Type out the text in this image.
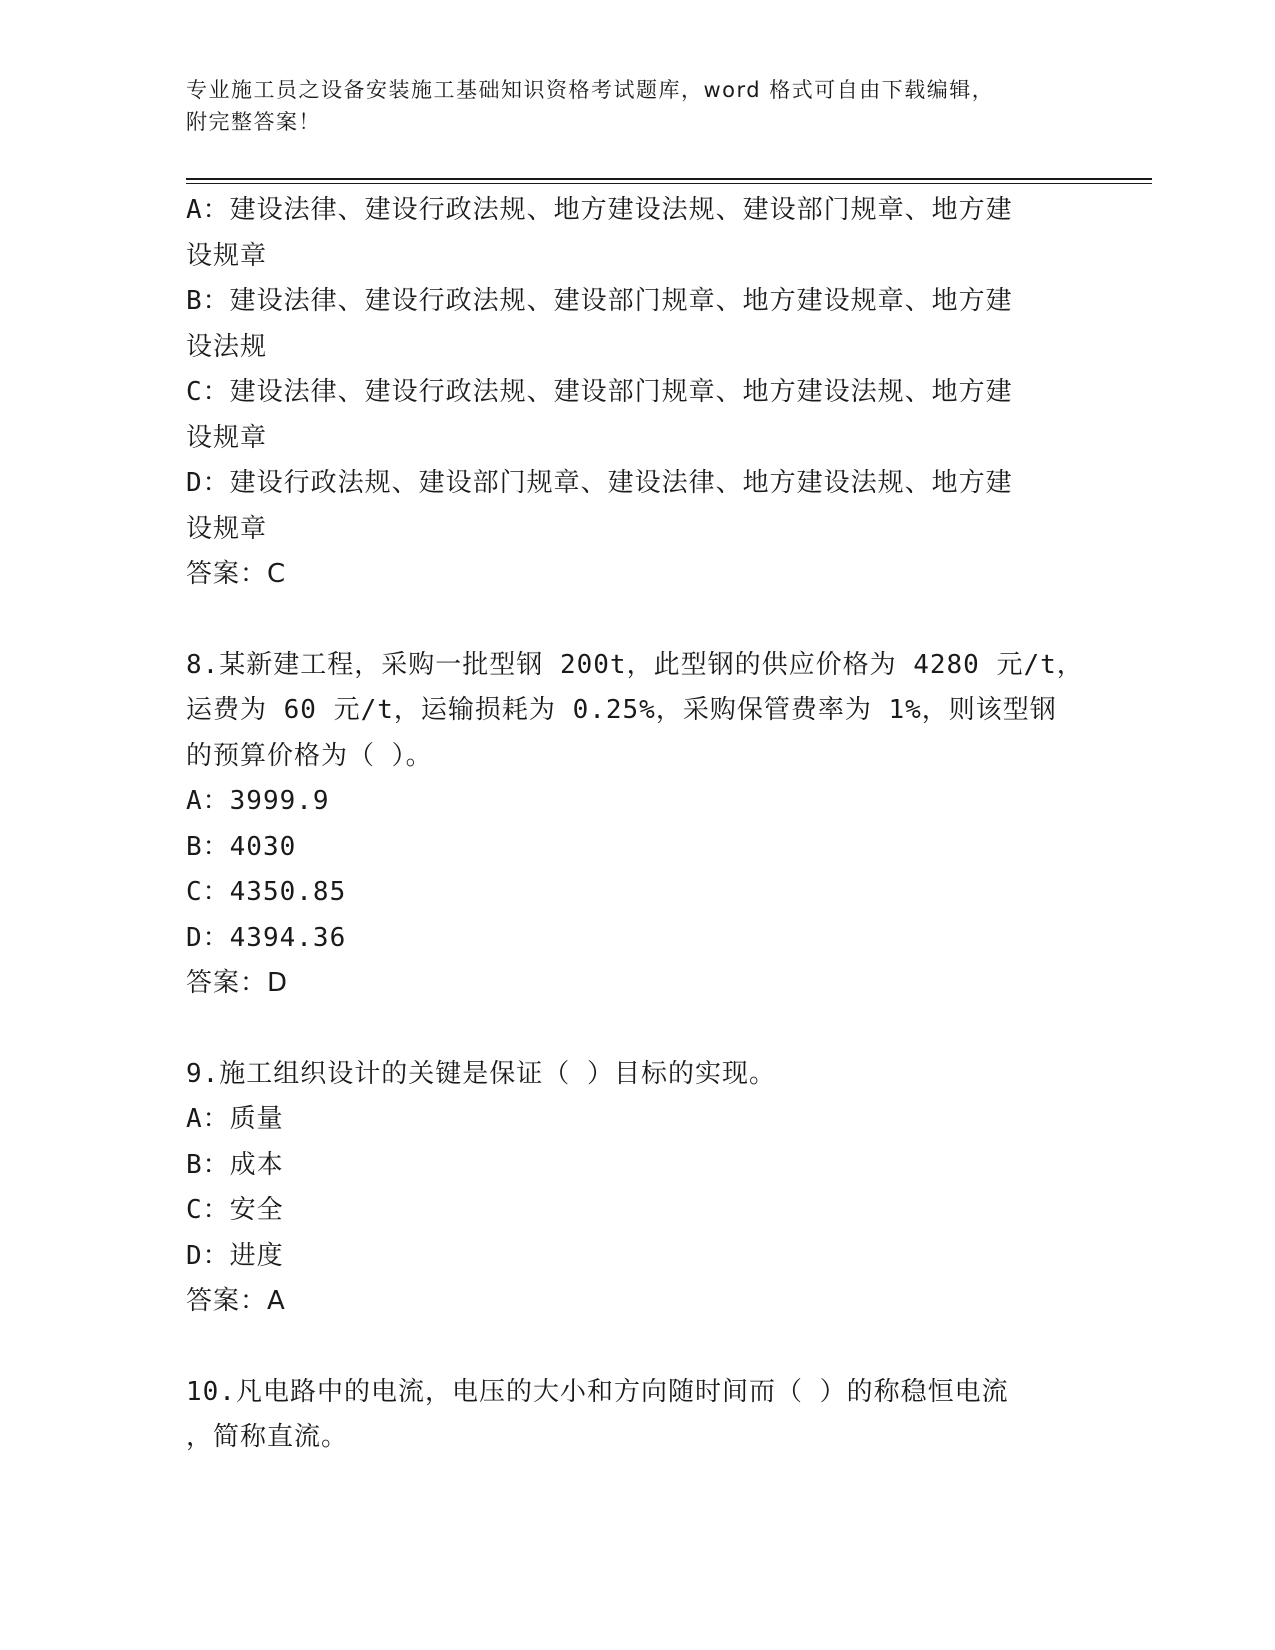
专业施工员之设备安装施工基础知识资格考试题库，word 格式可自由下载编辑，
附完整答案！
A：建设法律、建设行政法规、地方建设法规、建设部门规章、地方建
设规章
B：建设法律、建设行政法规、建设部门规章、地方建设规章、地方建
设法规
C：建设法律、建设行政法规、建设部门规章、地方建设法规、地方建
设规章
D：建设行政法规、建设部门规章、建设法律、地方建设法规、地方建
设规章
答案：C
8.某新建工程，采购一批型钢 200t，此型钢的供应价格为 4280 元/t，
运费为 60 元/t，运输损耗为 0.25%，采购保管费率为 1%，则该型钢
的预算价格为（ ）。
A：3999.9
B：4030
C：4350.85
D：4394.36
答案：D
9.施工组织设计的关键是保证（ ）目标的实现。
A：质量
B：成本
C：安全
D：进度
答案：A
10.凡电路中的电流，电压的大小和方向随时间而（ ）的称稳恒电流
，简称直流。
